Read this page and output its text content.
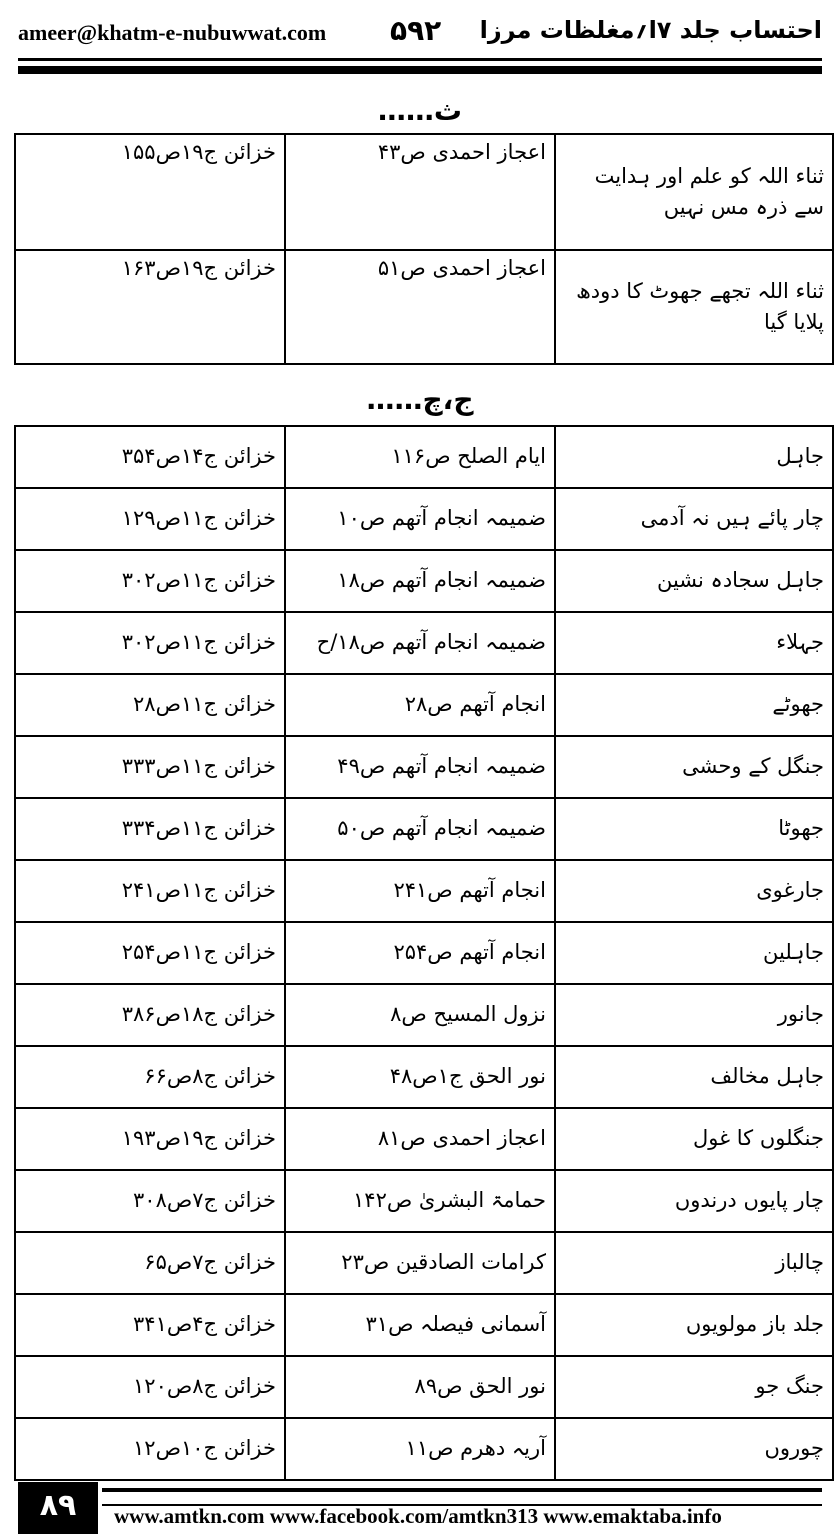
ameer@khatm-e-nubuwwat.com ۵۹۲ احتساب جلد ۷ا؍مغلظات مرزا
ث……
ثناء اللہ کو علم اور ہدایت سے ذرہ مس نہیں	اعجاز احمدی ص۴۳	خزائن ج۱۹ص۱۵۵
ثناء اللہ تجھے جھوٹ کا دودھ پلایا گیا	اعجاز احمدی ص۵۱	خزائن ج۱۹ص۱۶۳
ج،چ……
جاہل	ایام الصلح ص۱۱۶	خزائن ج۱۴ص۳۵۴
چار پائے ہیں نہ آدمی	ضمیمہ انجام آتھم ص۱۰	خزائن ج۱۱ص۱۲۹
جاہل سجادہ نشین	ضمیمہ انجام آتھم ص۱۸	خزائن ج۱۱ص۳۰۲
جہلاء	ضمیمہ انجام آتھم ص۱۸/ح	خزائن ج۱۱ص۳۰۲
جھوٹے	انجام آتھم ص۲۸	خزائن ج۱۱ص۲۸
جنگل کے وحشی	ضمیمہ انجام آتھم ص۴۹	خزائن ج۱۱ص۳۳۳
جھوٹا	ضمیمہ انجام آتھم ص۵۰	خزائن ج۱۱ص۳۳۴
جارغوی	انجام آتھم ص۲۴۱	خزائن ج۱۱ص۲۴۱
جاہلین	انجام آتھم ص۲۵۴	خزائن ج۱۱ص۲۵۴
جانور	نزول المسیح ص۸	خزائن ج۱۸ص۳۸۶
جاہل مخالف	نور الحق ج۱ص۴۸	خزائن ج۸ص۶۶
جنگلوں کا غول	اعجاز احمدی ص۸۱	خزائن ج۱۹ص۱۹۳
چار پایوں درندوں	حمامۃ البشریٰ ص۱۴۲	خزائن ج۷ص۳۰۸
چالباز	کرامات الصادقین ص۲۳	خزائن ج۷ص۶۵
جلد باز مولویوں	آسمانی فیصلہ ص۳۱	خزائن ج۴ص۳۴۱
جنگ جو	نور الحق ص۸۹	خزائن ج۸ص۱۲۰
چوروں	آریہ دھرم ص۱۱	خزائن ج۱۰ص۱۲
۸۹	www.amtkn.com www.facebook.com/amtkn313 www.emaktaba.info
